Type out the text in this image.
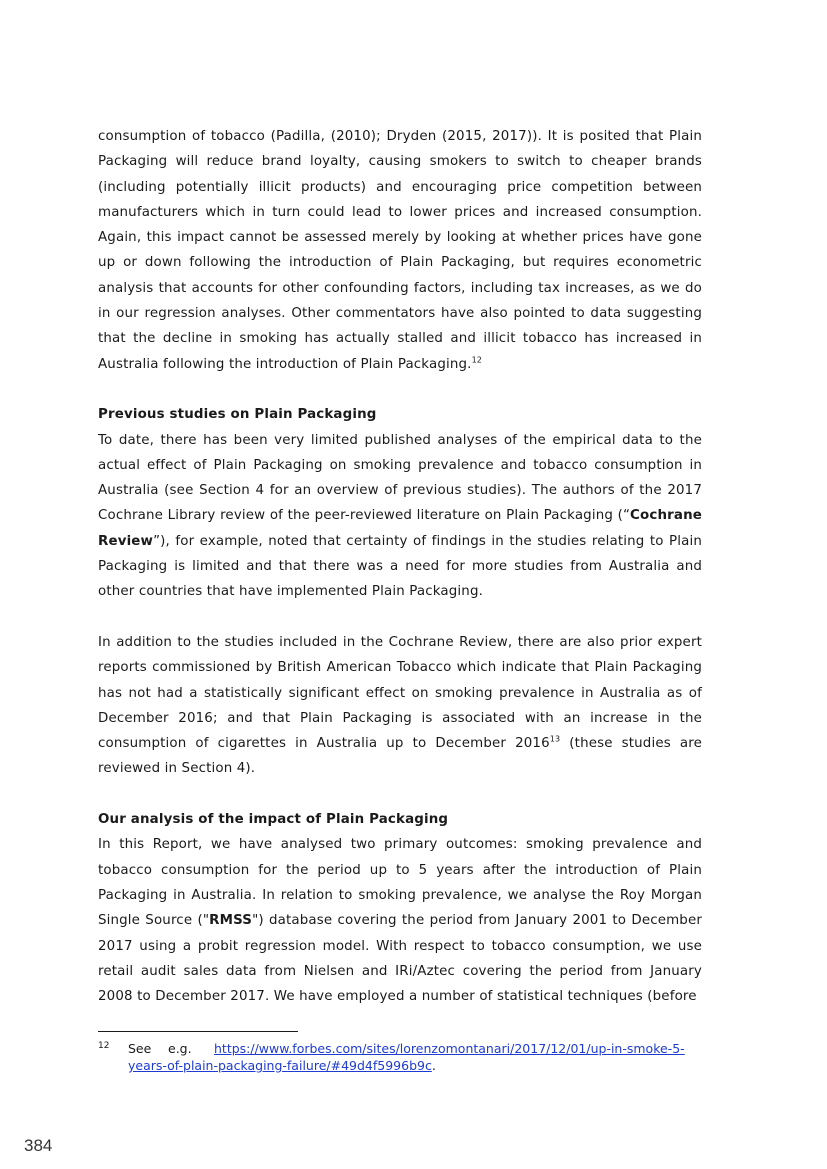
consumption of tobacco (Padilla, (2010); Dryden (2015, 2017)). It is posited that Plain Packaging will reduce brand loyalty, causing smokers to switch to cheaper brands (including potentially illicit products) and encouraging price competition between manufacturers which in turn could lead to lower prices and increased consumption. Again, this impact cannot be assessed merely by looking at whether prices have gone up or down following the introduction of Plain Packaging, but requires econometric analysis that accounts for other confounding factors, including tax increases, as we do in our regression analyses. Other commentators have also pointed to data suggesting that the decline in smoking has actually stalled and illicit tobacco has increased in Australia following the introduction of Plain Packaging.$^{12}$

Previous studies on Plain Packaging

To date, there has been very limited published analyses of the empirical data to the actual effect of Plain Packaging on smoking prevalence and tobacco consumption in Australia (see Section 4 for an overview of previous studies). The authors of the 2017 Cochrane Library review of the peer-reviewed literature on Plain Packaging (“Cochrane Review”), for example, noted that certainty of findings in the studies relating to Plain Packaging is limited and that there was a need for more studies from Australia and other countries that have implemented Plain Packaging.

In addition to the studies included in the Cochrane Review, there are also prior expert reports commissioned by British American Tobacco which indicate that Plain Packaging has not had a statistically significant effect on smoking prevalence in Australia as of December 2016; and that Plain Packaging is associated with an increase in the consumption of cigarettes in Australia up to December 2016$^{13}$ (these studies are reviewed in Section 4).

Our analysis of the impact of Plain Packaging

In this Report, we have analysed two primary outcomes: smoking prevalence and tobacco consumption for the period up to 5 years after the introduction of Plain Packaging in Australia. In relation to smoking prevalence, we analyse the Roy Morgan Single Source ("RMSS") database covering the period from January 2001 to December 2017 using a probit regression model. With respect to tobacco consumption, we use retail audit sales data from Nielsen and IRi/Aztec covering the period from January 2008 to December 2017. We have employed a number of statistical techniques (before

12 See	e.g.	https://www.forbes.com/sites/lorenzomontanari/2017/12/01/up-in-smoke-5-
years-of-plain-packaging-failure/#49d4f5996b9c.
384
